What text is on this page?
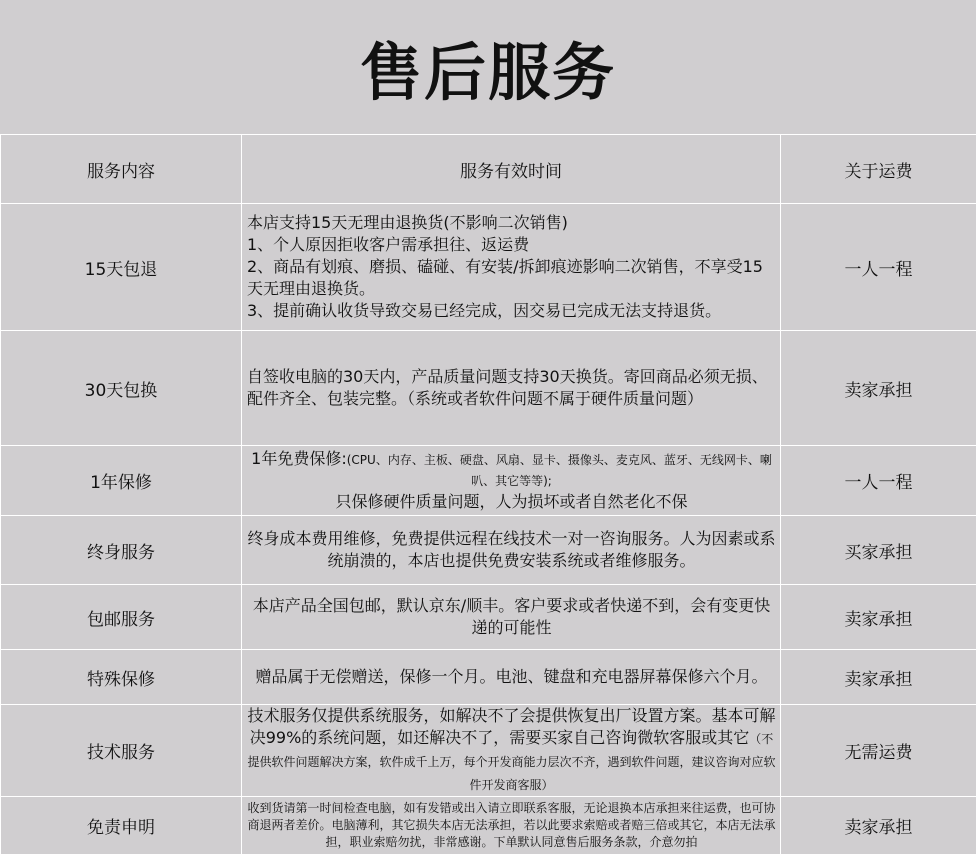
售后服务
服务内容	服务有效时间	关于运费
15天包退	本店支持15天无理由退换货(不影响二次销售)
1、个人原因拒收客户需承担往、返运费
2、商品有划痕、磨损、磕碰、有安装/拆卸痕迹影响二次销售，不享受15天无理由退换货。
3、提前确认收货导致交易已经完成，因交易已完成无法支持退货。	一人一程
30天包换	自签收电脑的30天内，产品质量问题支持30天换货。寄回商品必须无损、配件齐全、包装完整。（系统或者软件问题不属于硬件质量问题）	卖家承担
1年保修	1年免费保修:(CPU、内存、主板、硬盘、风扇、显卡、摄像头、麦克风、蓝牙、无线网卡、喇叭、其它等等);
只保修硬件质量问题，人为损坏或者自然老化不保	一人一程
终身服务	终身成本费用维修，免费提供远程在线技术一对一咨询服务。人为因素或系统崩溃的，本店也提供免费安装系统或者维修服务。	买家承担
包邮服务	本店产品全国包邮，默认京东/顺丰。客户要求或者快递不到，会有变更快递的可能性	卖家承担
特殊保修	赠品属于无偿赠送，保修一个月。电池、键盘和充电器屏幕保修六个月。	卖家承担
技术服务	技术服务仅提供系统服务，如解决不了会提供恢复出厂设置方案。基本可解决99%的系统问题，如还解决不了，需要买家自己咨询微软客服或其它（不提供软件问题解决方案，软件成千上万，每个开发商能力层次不齐，遇到软件问题，建议咨询对应软件开发商客服）	无需运费
免责申明	收到货请第一时间检查电脑，如有发错或出入请立即联系客服，无论退换本店承担来往运费，也可协商退两者差价。电脑薄利，其它损失本店无法承担，若以此要求索赔或者赔三倍或其它，本店无法承担，职业索赔勿扰，非常感谢。下单默认同意售后服务条款，介意勿拍	卖家承担
